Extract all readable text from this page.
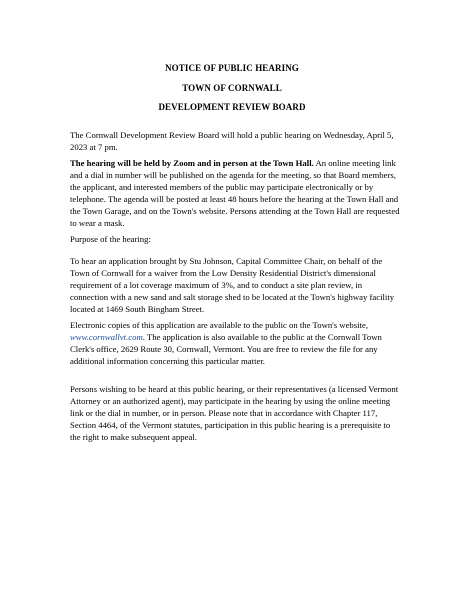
NOTICE OF PUBLIC HEARING

TOWN OF CORNWALL

DEVELOPMENT REVIEW BOARD

The Cornwall Development Review Board will hold a public hearing on Wednesday, April 5, 2023 at 7 pm.

The hearing will be held by Zoom and in person at the Town Hall. An online meeting link and a dial in number will be published on the agenda for the meeting, so that Board members, the applicant, and interested members of the public may participate electronically or by telephone. The agenda will be posted at least 48 hours before the hearing at the Town Hall and the Town Garage, and on the Town's website. Persons attending at the Town Hall are requested to wear a mask.

Purpose of the hearing:

To hear an application brought by Stu Johnson, Capital Committee Chair, on behalf of the Town of Cornwall for a waiver from the Low Density Residential District's dimensional requirement of a lot coverage maximum of 3%, and to conduct a site plan review, in connection with a new sand and salt storage shed to be located at the Town's highway facility located at 1469 South Bingham Street.

Electronic copies of this application are available to the public on the Town's website, www.cornwallvt.com. The application is also available to the public at the Cornwall Town Clerk's office, 2629 Route 30, Cornwall, Vermont. You are free to review the file for any additional information concerning this particular matter.

Persons wishing to be heard at this public hearing, or their representatives (a licensed Vermont Attorney or an authorized agent), may participate in the hearing by using the online meeting link or the dial in number, or in person. Please note that in accordance with Chapter 117, Section 4464, of the Vermont statutes, participation in this public hearing is a prerequisite to the right to make subsequent appeal.
